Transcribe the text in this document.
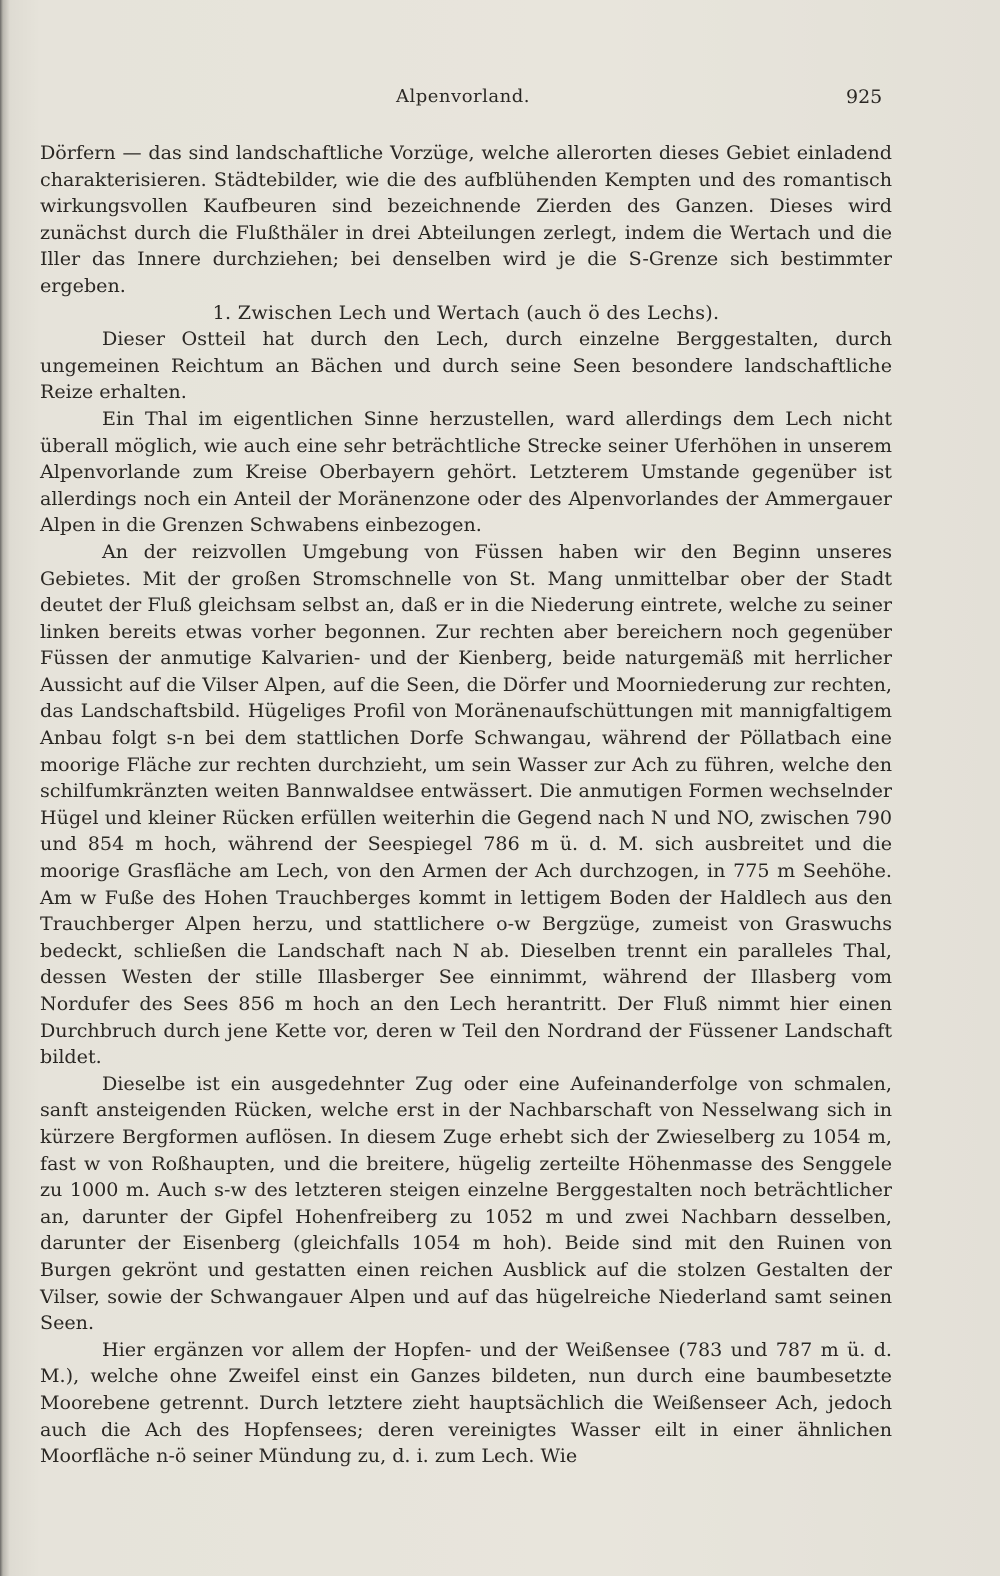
Alpenvorland.	925

Dörfern — das sind landschaftliche Vorzüge, welche allerorten dieses Gebiet einladend charakterisieren. Städtebilder, wie die des aufblühenden Kempten und des romantisch wirkungsvollen Kaufbeuren sind bezeichnende Zierden des Ganzen. Dieses wird zunächst durch die Flußthäler in drei Abteilungen zerlegt, indem die Wertach und die Iller das Innere durchziehen; bei denselben wird je die S-Grenze sich bestimmter ergeben.

1. Zwischen Lech und Wertach (auch ö des Lechs).

Dieser Ostteil hat durch den Lech, durch einzelne Berggestalten, durch ungemeinen Reichtum an Bächen und durch seine Seen besondere landschaftliche Reize erhalten.

Ein Thal im eigentlichen Sinne herzustellen, ward allerdings dem Lech nicht überall möglich, wie auch eine sehr beträchtliche Strecke seiner Uferhöhen in unserem Alpenvorlande zum Kreise Oberbayern gehört. Letzterem Umstande gegenüber ist allerdings noch ein Anteil der Moränenzone oder des Alpenvorlandes der Ammergauer Alpen in die Grenzen Schwabens einbezogen.

An der reizvollen Umgebung von Füssen haben wir den Beginn unseres Gebietes. Mit der großen Stromschnelle von St. Mang unmittelbar ober der Stadt deutet der Fluß gleichsam selbst an, daß er in die Niederung eintrete, welche zu seiner linken bereits etwas vorher begonnen. Zur rechten aber bereichern noch gegenüber Füssen der anmutige Kalvarien- und der Kienberg, beide naturgemäß mit herrlicher Aussicht auf die Vilser Alpen, auf die Seen, die Dörfer und Moorniederung zur rechten, das Landschaftsbild. Hügeliges Profil von Moränenaufschüttungen mit mannigfaltigem Anbau folgt s-n bei dem stattlichen Dorfe Schwangau, während der Pöllatbach eine moorige Fläche zur rechten durchzieht, um sein Wasser zur Ach zu führen, welche den schilfumkränzten weiten Bannwaldsee entwässert. Die anmutigen Formen wechselnder Hügel und kleiner Rücken erfüllen weiterhin die Gegend nach N und NO, zwischen 790 und 854 m hoch, während der Seespiegel 786 m ü. d. M. sich ausbreitet und die moorige Grasfläche am Lech, von den Armen der Ach durchzogen, in 775 m Seehöhe. Am w Fuße des Hohen Trauchberges kommt in lettigem Boden der Haldlech aus den Trauchberger Alpen herzu, und stattlichere o-w Bergzüge, zumeist von Graswuchs bedeckt, schließen die Landschaft nach N ab. Dieselben trennt ein paralleles Thal, dessen Westen der stille Illasberger See einnimmt, während der Illasberg vom Nordufer des Sees 856 m hoch an den Lech herantritt. Der Fluß nimmt hier einen Durchbruch durch jene Kette vor, deren w Teil den Nordrand der Füssener Landschaft bildet.

Dieselbe ist ein ausgedehnter Zug oder eine Aufeinanderfolge von schmalen, sanft ansteigenden Rücken, welche erst in der Nachbarschaft von Nesselwang sich in kürzere Bergformen auflösen. In diesem Zuge erhebt sich der Zwieselberg zu 1054 m, fast w von Roßhaupten, und die breitere, hügelig zerteilte Höhenmasse des Senggele zu 1000 m. Auch s-w des letzteren steigen einzelne Berggestalten noch beträchtlicher an, darunter der Gipfel Hohenfreiberg zu 1052 m und zwei Nachbarn desselben, darunter der Eisenberg (gleichfalls 1054 m hoh). Beide sind mit den Ruinen von Burgen gekrönt und gestatten einen reichen Ausblick auf die stolzen Gestalten der Vilser, sowie der Schwangauer Alpen und auf das hügelreiche Niederland samt seinen Seen.

Hier ergänzen vor allem der Hopfen- und der Weißensee (783 und 787 m ü. d. M.), welche ohne Zweifel einst ein Ganzes bildeten, nun durch eine baumbesetzte Moorebene getrennt. Durch letztere zieht hauptsächlich die Weißenseer Ach, jedoch auch die Ach des Hopfensees; deren vereinigtes Wasser eilt in einer ähnlichen Moorfläche n-ö seiner Mündung zu, d. i. zum Lech. Wie
